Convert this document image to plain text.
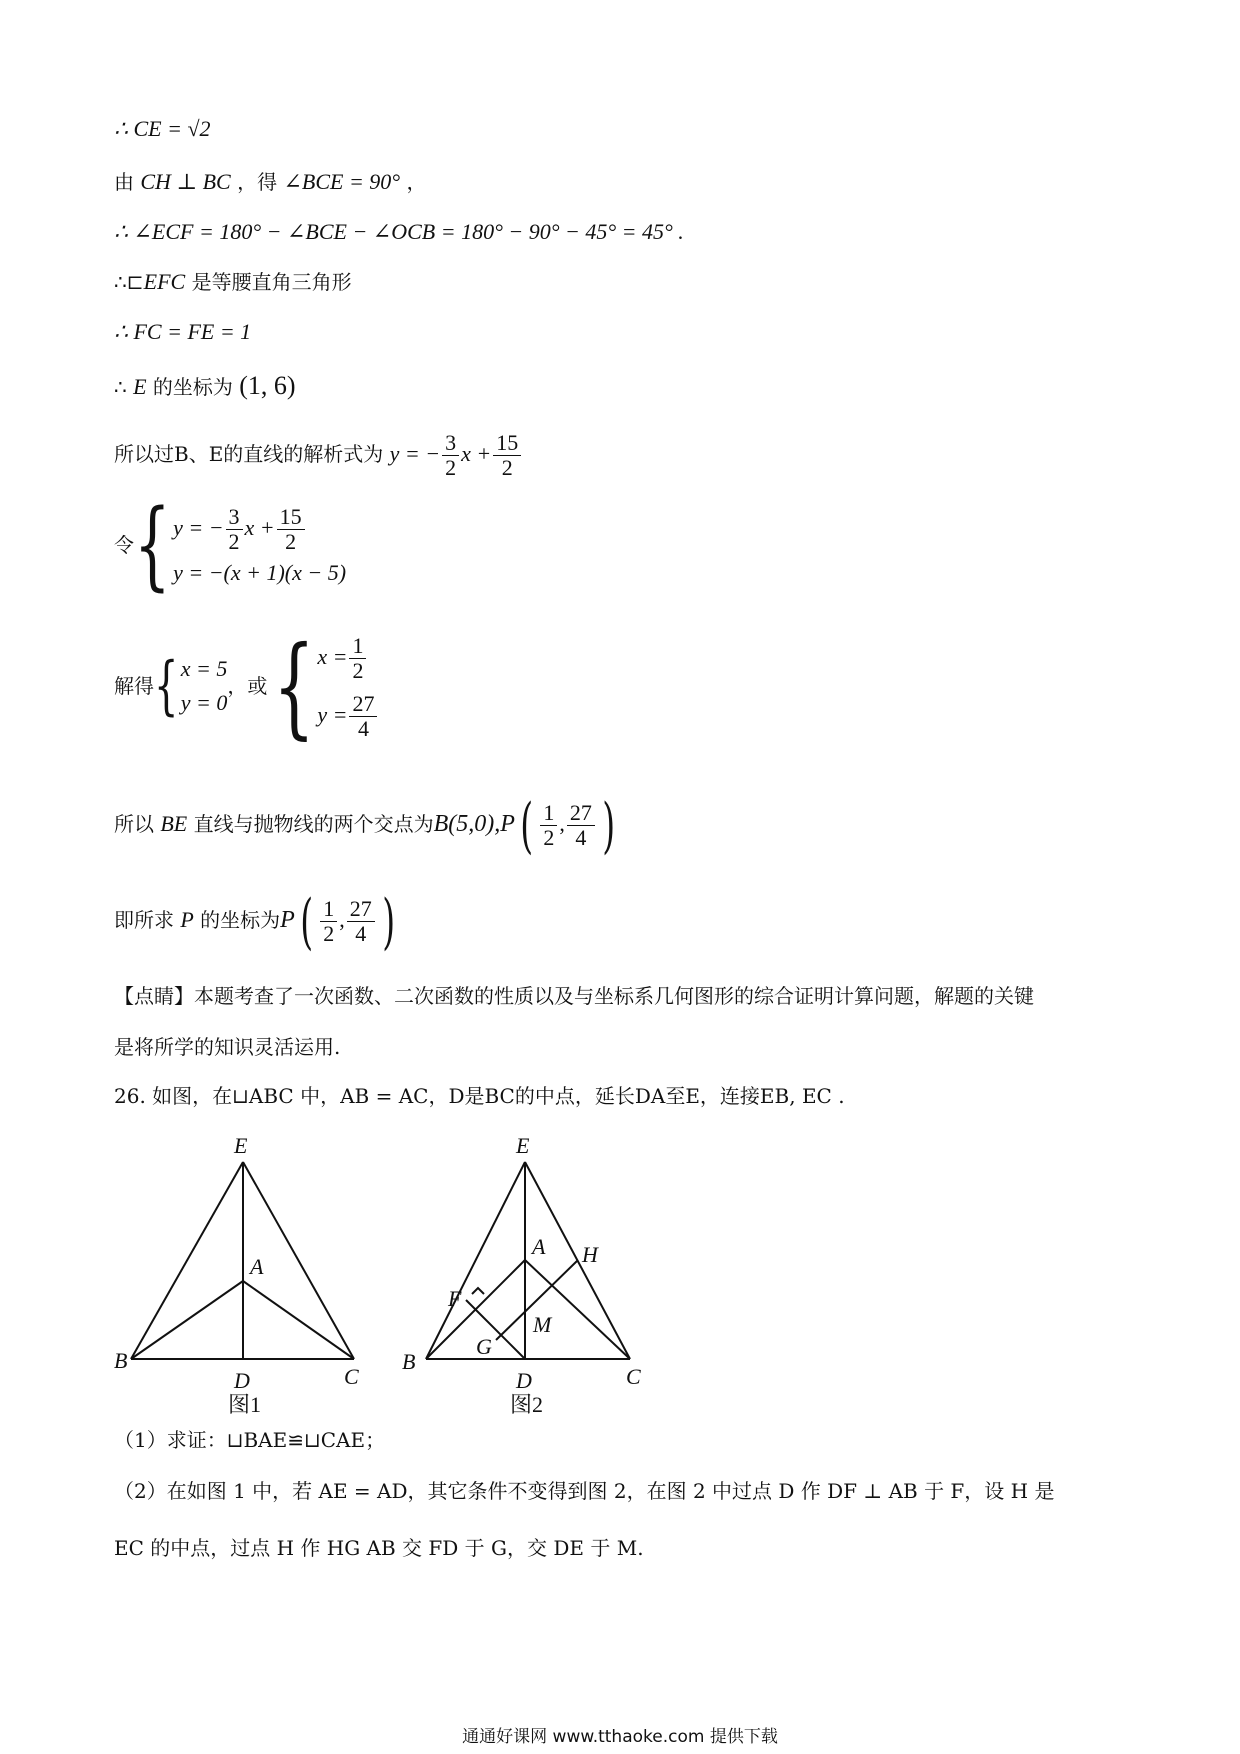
∴ CE = √2
由 CH ⊥ BC ，得 ∠BCE = 90° ，
∴ ∠ECF = 180° − ∠BCE − ∠OCB = 180° − 90° − 45° = 45° .
∴⊏EFC 是等腰直角三角形
∴ FC = FE = 1
∴ E 的坐标为 (1, 6)
所以过B、E的直线的解析式为 y = − $\frac{3}{2}$ $x + \frac{15}{2}$
令{ y = − $\frac{3}{2}$ $x + \frac{15}{2}$
y = −(x + 1)(x − 5)
解得{ x = 5
y = 0
，或{ $x = \frac{1}{2}$
$y = \frac{27}{4}$
所以 BE 直线与抛物线的两个交点为$B(5,0),P( \frac{1}{2}$ , $\frac{27}{4}$ )
即所求 P 的坐标为$P( \frac{1}{2}$ , $\frac{27}{4}$ )
【点睛】本题考查了一次函数、二次函数的性质以及与坐标系几何图形的综合证明计算问题，解题的关键
是将所学的知识灵活运用.
26. 如图，在⊔ABC 中，AB = AC，D是BC的中点，延长DA至E，连接EB, EC .
E
A
B
D	C
图1
E
A H
F
M
B
G
D	C
图2
（1）求证：⊔BAE≌⊔CAE；
（2）在如图 1 中，若 AE = AD，其它条件不变得到图 2，在图 2 中过点 D 作 DF ⊥ AB 于 F，设 H 是
EC 的中点，过点 H 作 HG AB 交 FD 于 G，交 DE 于 M.
通通好课网 www.tthaoke.com 提供下载
